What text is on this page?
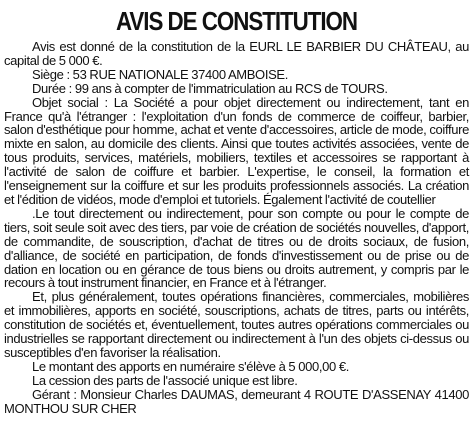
AVIS DE CONSTITUTION

Avis est donné de la constitution de la EURL LE BARBIER DU CHÂTEAU, au capital de 5 000 €.

Siège : 53 RUE NATIONALE 37400 AMBOISE.

Durée : 99 ans à compter de l'immatriculation au RCS de TOURS.

Objet social : La Société a pour objet directement ou indirectement, tant en France qu'à l'étranger : l'exploitation d'un fonds de commerce de coiffeur, barbier, salon d'esthétique pour homme, achat et vente d'accessoires, article de mode, coiffure mixte en salon, au domicile des clients. Ainsi que toutes activités associées, vente de tous produits, services, matériels, mobiliers, textiles et accessoires se rapportant à l'activité de salon de coiffure et barbier. L'expertise, le conseil, la formation et l'enseignement sur la coiffure et sur les produits professionnels associés. La création et l'édition de vidéos, mode d'emploi et tutoriels. Également l'activité de coutellier

.Le tout directement ou indirectement, pour son compte ou pour le compte de tiers, soit seule soit avec des tiers, par voie de création de sociétés nouvelles, d'apport, de commandite, de souscription, d'achat de titres ou de droits sociaux, de fusion, d'alliance, de société en participation, de fonds d'investissement ou de prise ou de dation en location ou en gérance de tous biens ou droits autrement, y compris par le recours à tout instrument financier, en France et à l'étranger.

Et, plus généralement, toutes opérations financières, commerciales, mobilières et immobilières, apports en société, souscriptions, achats de titres, parts ou intérêts, constitution de sociétés et, éventuellement, toutes autres opérations commerciales ou industrielles se rapportant directement ou indirectement à l'un des objets ci-dessus ou susceptibles d'en favoriser la réalisation.

Le montant des apports en numéraire s'élève à 5 000,00 €.

La cession des parts de l'associé unique est libre.

Gérant : Monsieur Charles DAUMAS, demeurant 4 ROUTE D'ASSENAY 41400 MONTHOU SUR CHER
